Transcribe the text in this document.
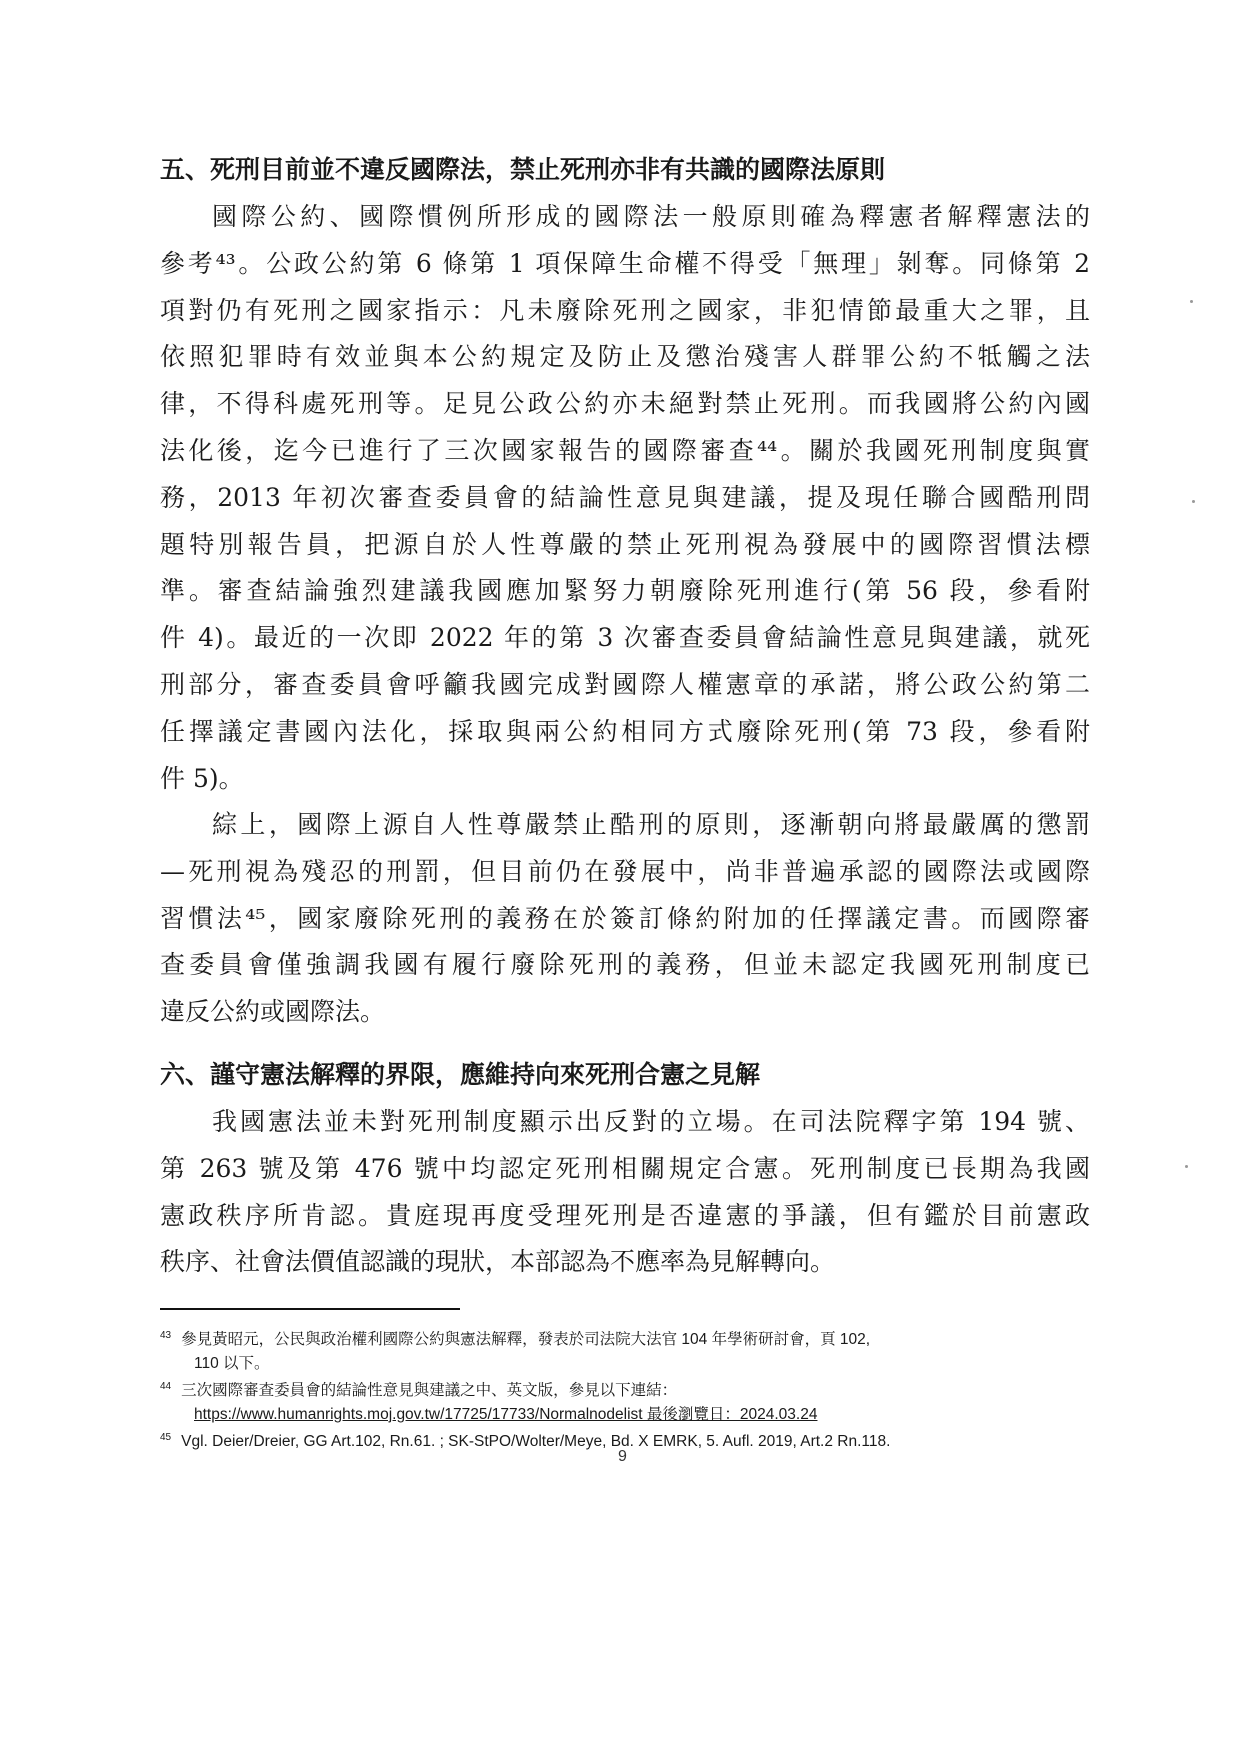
五、死刑目前並不違反國際法，禁止死刑亦非有共識的國際法原則
國際公約、國際慣例所形成的國際法一般原則確為釋憲者解釋憲法的
參考⁴³。公政公約第 6 條第 1 項保障生命權不得受「無理」剝奪。同條第 2
項對仍有死刑之國家指示：凡未廢除死刑之國家，非犯情節最重大之罪，且
依照犯罪時有效並與本公約規定及防止及懲治殘害人群罪公約不牴觸之法
律，不得科處死刑等。足見公政公約亦未絕對禁止死刑。而我國將公約內國
法化後，迄今已進行了三次國家報告的國際審查⁴⁴。關於我國死刑制度與實
務，2013 年初次審查委員會的結論性意見與建議，提及現任聯合國酷刑問
題特別報告員，把源自於人性尊嚴的禁止死刑視為發展中的國際習慣法標
準。審查結論強烈建議我國應加緊努力朝廢除死刑進行(第 56 段，參看附
件 4)。最近的一次即 2022 年的第 3 次審查委員會結論性意見與建議，就死
刑部分，審查委員會呼籲我國完成對國際人權憲章的承諾，將公政公約第二
任擇議定書國內法化，採取與兩公約相同方式廢除死刑(第 73 段，參看附
件 5)。
綜上，國際上源自人性尊嚴禁止酷刑的原則，逐漸朝向將最嚴厲的懲罰
—死刑視為殘忍的刑罰，但目前仍在發展中，尚非普遍承認的國際法或國際
習慣法⁴⁵，國家廢除死刑的義務在於簽訂條約附加的任擇議定書。而國際審
查委員會僅強調我國有履行廢除死刑的義務，但並未認定我國死刑制度已
違反公約或國際法。
六、謹守憲法解釋的界限，應維持向來死刑合憲之見解
我國憲法並未對死刑制度顯示出反對的立場。在司法院釋字第 194 號、
第 263 號及第 476 號中均認定死刑相關規定合憲。死刑制度已長期為我國
憲政秩序所肯認。貴庭現再度受理死刑是否違憲的爭議，但有鑑於目前憲政
秩序、社會法價值認識的現狀，本部認為不應率為見解轉向。
$^{43}$ 參見黃昭元，公民與政治權利國際公約與憲法解釋，發表於司法院大法官 104 年學術研討會，頁 102,
110 以下。
$^{44}$ 三次國際審查委員會的結論性意見與建議之中、英文版，參見以下連結：
https://www.humanrights.moj.gov.tw/17725/17733/Normalnodelist 最後瀏覽日：2024.03.24
$^{45}$ Vgl. Deier/Dreier, GG Art.102, Rn.61. ; SK-StPO/Wolter/Meye, Bd. X EMRK, 5. Aufl. 2019, Art.2 Rn.118.
9
